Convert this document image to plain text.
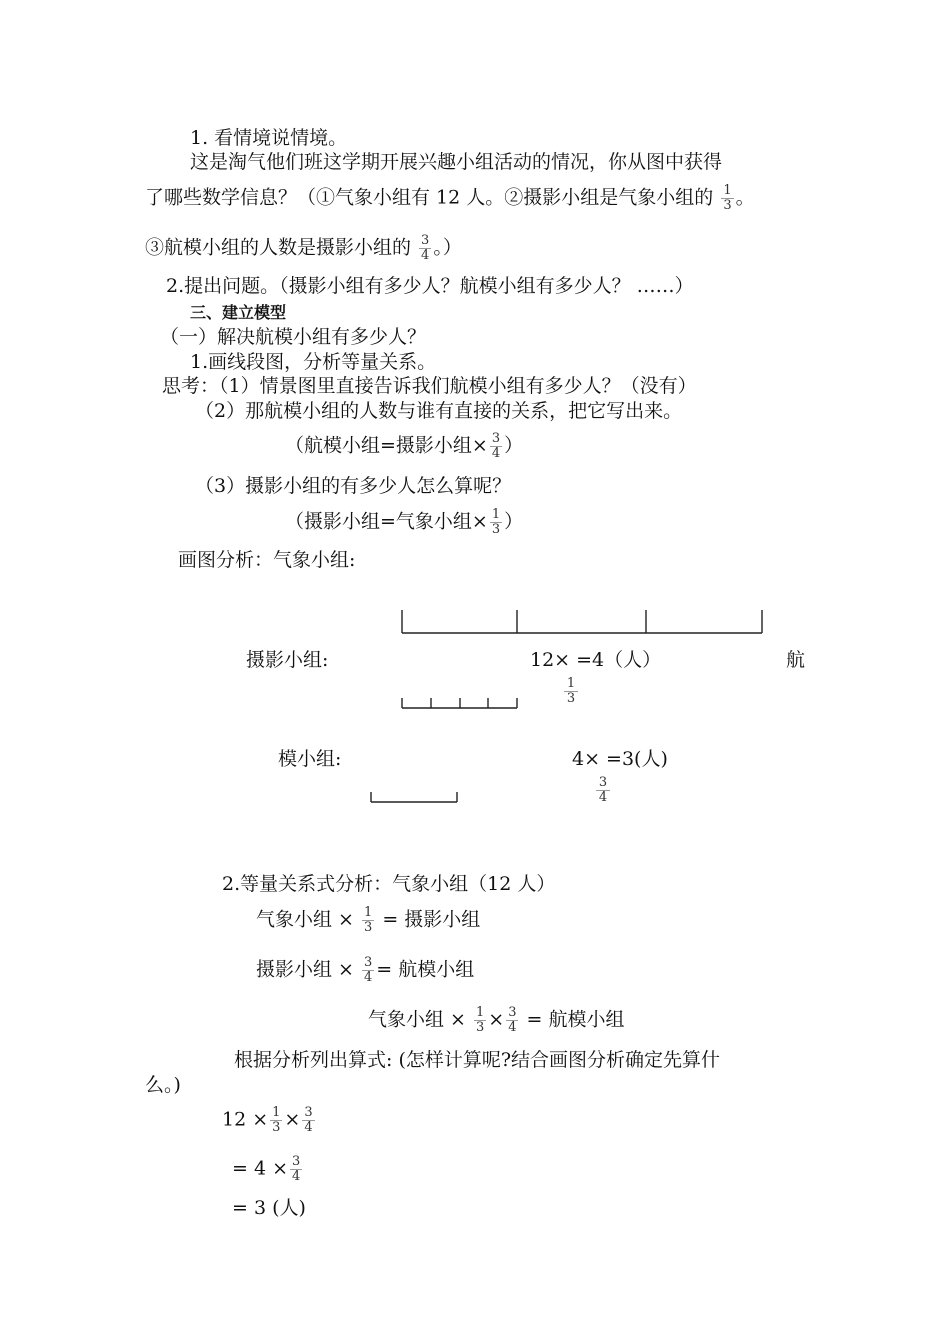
1. 看情境说情境。
这是淘气他们班这学期开展兴趣小组活动的情况，你从图中获得
了哪些数学信息？（①气象小组有 12 人。②摄影小组是气象小组的 $\frac{1}{3}$ 。
③航模小组的人数是摄影小组的 $\frac{3}{4}$ 。）
2.提出问题。（摄影小组有多少人？航模小组有多少人？ ……）
三、建立模型
（一）解决航模小组有多少人？
1.画线段图，分析等量关系。
思考：（1）情景图里直接告诉我们航模小组有多少人？（没有）
（2）那航模小组的人数与谁有直接的关系，把它写出来。
（航模小组=摄影小组× $\frac{3}{4}$ ）
（3）摄影小组的有多少人怎么算呢？
（摄影小组=气象小组× $\frac{1}{3}$ ）
画图分析：气象小组:
摄影小组:	12× =4（人）	航
1
3
模小组:	4× =3(人)
3
4
2.等量关系式分析：气象小组（12 人）
气象小组 × $\frac{1}{3}$ = 摄影小组
摄影小组 × $\frac{3}{4}$ = 航模小组
气象小组 × $\frac{1}{3} \times \frac{3}{4}$ = 航模小组
根据分析列出算式: (怎样计算呢?结合画图分析确定先算什
么。)
$12 \times \frac{1}{3} \times \frac{3}{4}$
= $4 \times \frac{3}{4}$
= 3 (人)
